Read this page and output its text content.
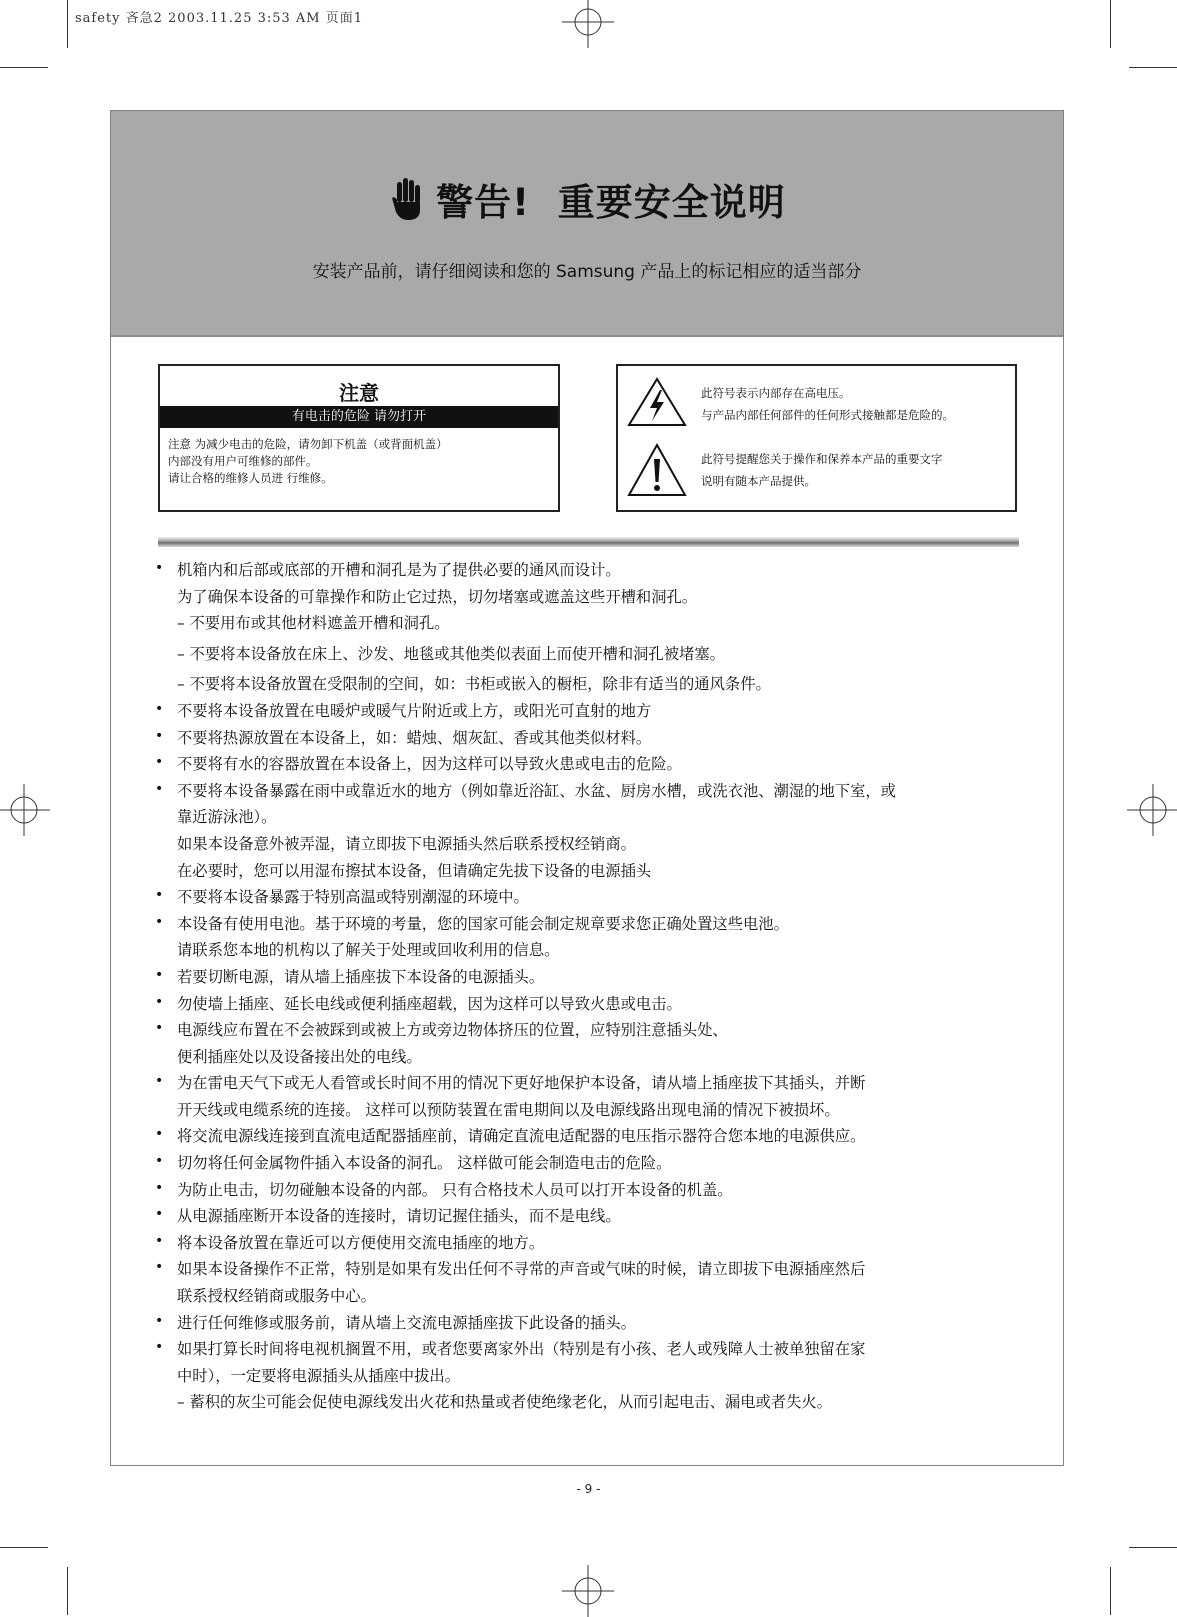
safety 吝急2 2003.11.25 3:53 AM 页面1
警告!  重要安全说明
安装产品前，请仔细阅读和您的 Samsung 产品上的标记相应的适当部分
注意
有电击的危险 请勿打开
注意 为减少电击的危险，请勿卸下机盖（或背面机盖）
内部没有用户可维修的部件。
请让合格的维修人员进 行维修。
此符号表示内部存在高电压。
与产品内部任何部件的任何形式接触都是危险的。
此符号提醒您关于操作和保养本产品的重要文字
说明有随本产品提供。
• 机箱内和后部或底部的开槽和洞孔是为了提供必要的通风而设计。
为了确保本设备的可靠操作和防止它过热，切勿堵塞或遮盖这些开槽和洞孔。
– 不要用布或其他材料遮盖开槽和洞孔。
– 不要将本设备放在床上、沙发、地毯或其他类似表面上而使开槽和洞孔被堵塞。
– 不要将本设备放置在受限制的空间，如：书柜或嵌入的橱柜，除非有适当的通风条件。
• 不要将本设备放置在电暖炉或暖气片附近或上方，或阳光可直射的地方
• 不要将热源放置在本设备上，如：蜡烛、烟灰缸、香或其他类似材料。
• 不要将有水的容器放置在本设备上，因为这样可以导致火患或电击的危险。
• 不要将本设备暴露在雨中或靠近水的地方（例如靠近浴缸、水盆、厨房水槽，或洗衣池、潮湿的地下室，或
靠近游泳池）。
如果本设备意外被弄湿，请立即拔下电源插头然后联系授权经销商。
在必要时，您可以用湿布擦拭本设备，但请确定先拔下设备的电源插头
• 不要将本设备暴露于特别高温或特别潮湿的环境中。
• 本设备有使用电池。基于环境的考量，您的国家可能会制定规章要求您正确处置这些电池。
请联系您本地的机构以了解关于处理或回收利用的信息。
• 若要切断电源，请从墙上插座拔下本设备的电源插头。
• 勿使墙上插座、延长电线或便利插座超载，因为这样可以导致火患或电击。
• 电源线应布置在不会被踩到或被上方或旁边物体挤压的位置，应特别注意插头处、
便利插座处以及设备接出处的电线。
• 为在雷电天气下或无人看管或长时间不用的情况下更好地保护本设备，请从墙上插座拔下其插头，并断
开天线或电缆系统的连接。 这样可以预防装置在雷电期间以及电源线路出现电涌的情况下被损坏。
• 将交流电源线连接到直流电适配器插座前，请确定直流电适配器的电压指示器符合您本地的电源供应。
• 切勿将任何金属物件插入本设备的洞孔。 这样做可能会制造电击的危险。
• 为防止电击，切勿碰触本设备的内部。 只有合格技术人员可以打开本设备的机盖。
• 从电源插座断开本设备的连接时，请切记握住插头，而不是电线。
• 将本设备放置在靠近可以方便使用交流电插座的地方。
• 如果本设备操作不正常，特别是如果有发出任何不寻常的声音或气味的时候，请立即拔下电源插座然后
联系授权经销商或服务中心。
• 进行任何维修或服务前，请从墙上交流电源插座拔下此设备的插头。
• 如果打算长时间将电视机搁置不用，或者您要离家外出（特别是有小孩、老人或残障人士被单独留在家
中时），一定要将电源插头从插座中拔出。
– 蓄积的灰尘可能会促使电源线发出火花和热量或者使绝缘老化，从而引起电击、漏电或者失火。
- 9 -
